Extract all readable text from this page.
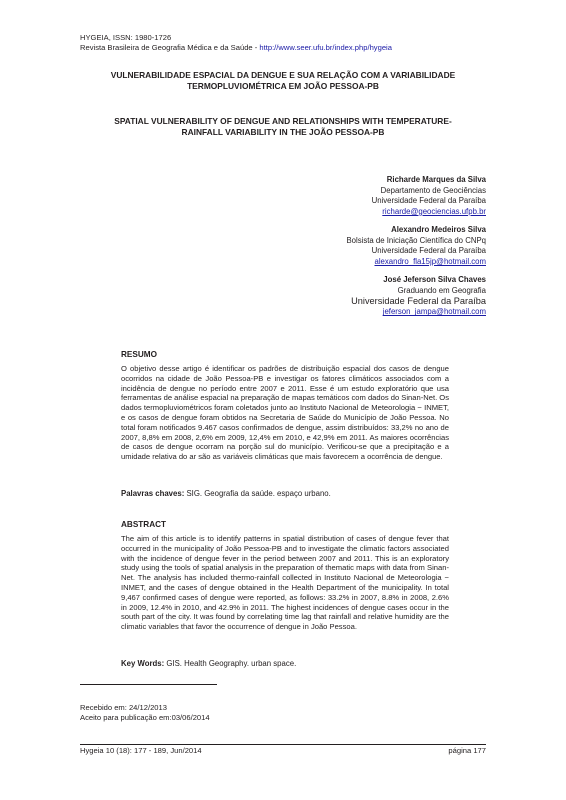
HYGEIA, ISSN: 1980-1726
Revista Brasileira de Geografia Médica e da Saúde - http://www.seer.ufu.br/index.php/hygeia
VULNERABILIDADE ESPACIAL DA DENGUE E SUA RELAÇÃO COM A VARIABILIDADE
TERMOPLUVIOMÉTRICA EM JOÃO PESSOA-PB
SPATIAL VULNERABILITY OF DENGUE AND RELATIONSHIPS WITH TEMPERATURE-
RAINFALL VARIABILITY IN THE JOÃO PESSOA-PB
Richarde Marques da Silva
Departamento de Geociências
Universidade Federal da Paraíba
richarde@geociencias.ufpb.br
Alexandro Medeiros Silva
Bolsista de Iniciação Científica do CNPq
Universidade Federal da Paraíba
alexandro_fla15jp@hotmail.com
José Jeferson Silva Chaves
Graduando em Geografia
Universidade Federal da Paraíba
jeferson_jampa@hotmail.com
RESUMO
O objetivo desse artigo é identificar os padrões de distribuição espacial dos casos de dengue ocorridos na cidade de João Pessoa-PB e investigar os fatores climáticos associados com a incidência de dengue no período entre 2007 e 2011. Esse é um estudo exploratório que usa ferramentas de análise espacial na preparação de mapas temáticos com dados do Sinan-Net. Os dados termopluviométricos foram coletados junto ao Instituto Nacional de Meteorologia − INMET, e os casos de dengue foram obtidos na Secretaria de Saúde do Município de João Pessoa. No total foram notificados 9.467 casos confirmados de dengue, assim distribuídos: 33,2% no ano de 2007, 8,8% em 2008, 2,6% em 2009, 12,4% em 2010, e 42,9% em 2011. As maiores ocorrências de casos de dengue ocorram na porção sul do município. Verificou-se que a precipitação e a umidade relativa do ar são as variáveis climáticas que mais favorecem a ocorrência de dengue.
Palavras chaves: SIG. Geografia da saúde. espaço urbano.
ABSTRACT
The aim of this article is to identify patterns in spatial distribution of cases of dengue fever that occurred in the municipality of João Pessoa-PB and to investigate the climatic factors associated with the incidence of dengue fever in the period between 2007 and 2011. This is an exploratory study using the tools of spatial analysis in the preparation of thematic maps with data from Sinan-Net. The analysis has included thermo-rainfall collected in Instituto Nacional de Meteorologia − INMET, and the cases of dengue obtained in the Health Department of the municipality. In total 9,467 confirmed cases of dengue were reported, as follows: 33.2% in 2007, 8.8% in 2008, 2.6% in 2009, 12.4% in 2010, and 42.9% in 2011. The highest incidences of dengue cases occur in the south part of the city. It was found by correlating time lag that rainfall and relative humidity are the climatic variables that favor the occurrence of dengue in João Pessoa.
Key Words: GIS. Health Geography. urban space.
Recebido em: 24/12/2013
Aceito para publicação em:03/06/2014
Hygeia 10 (18): 177 - 189, Jun/2014	página 177
